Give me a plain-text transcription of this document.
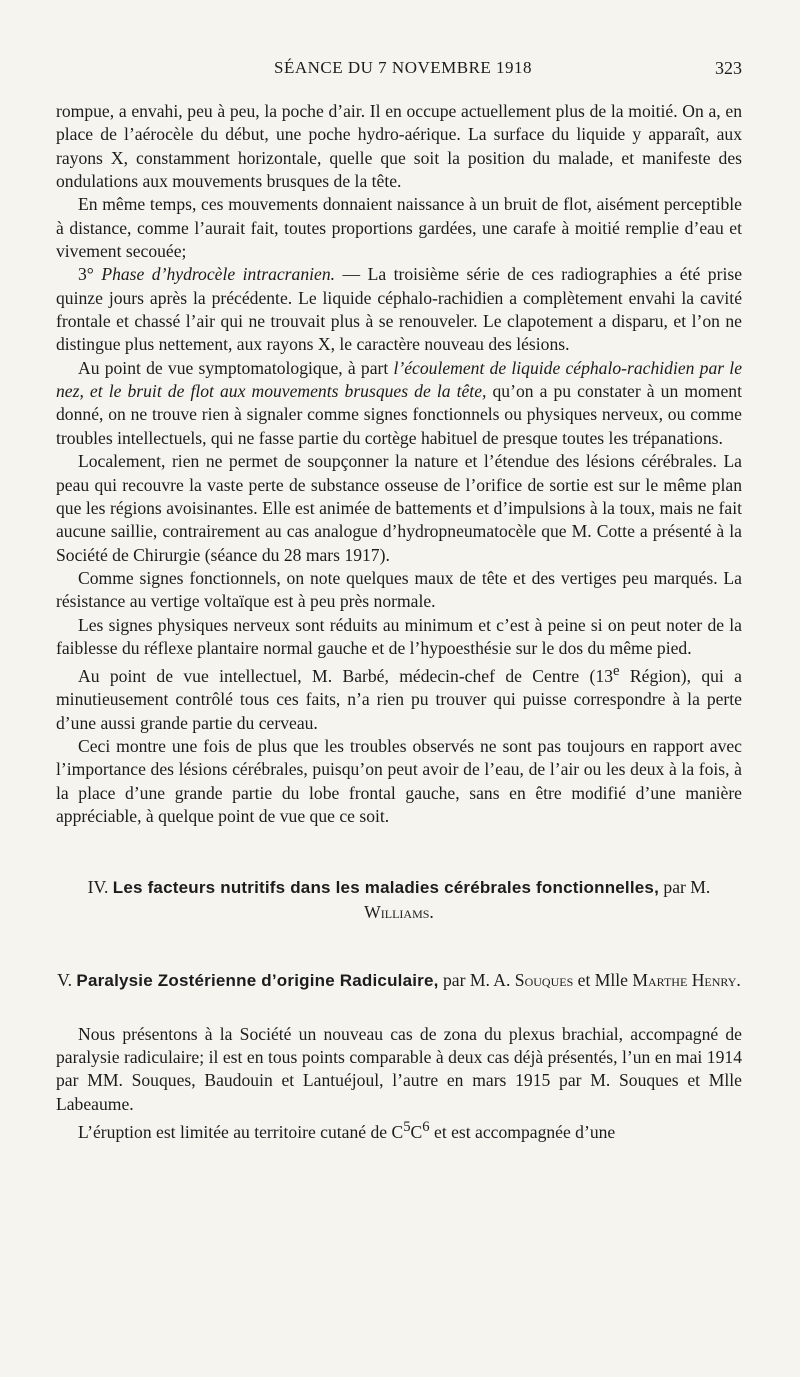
SÉANCE DU 7 NOVEMBRE 1918	323

rompue, a envahi, peu à peu, la poche d’air. Il en occupe actuellement plus de la moitié. On a, en place de l’aérocèle du début, une poche hydro-aérique. La surface du liquide y apparaît, aux rayons X, constamment horizontale, quelle que soit la position du malade, et manifeste des ondulations aux mouvements brusques de la tête.

En même temps, ces mouvements donnaient naissance à un bruit de flot, aisément perceptible à distance, comme l’aurait fait, toutes proportions gardées, une carafe à moitié remplie d’eau et vivement secouée;

3° Phase d’hydrocèle intracranien. — La troisième série de ces radiographies a été prise quinze jours après la précédente. Le liquide céphalo-rachidien a complètement envahi la cavité frontale et chassé l’air qui ne trouvait plus à se renouveler. Le clapotement a disparu, et l’on ne distingue plus nettement, aux rayons X, le caractère nouveau des lésions.

Au point de vue symptomatologique, à part l’écoulement de liquide céphalo-rachidien par le nez, et le bruit de flot aux mouvements brusques de la tête, qu’on a pu constater à un moment donné, on ne trouve rien à signaler comme signes fonctionnels ou physiques nerveux, ou comme troubles intellectuels, qui ne fasse partie du cortège habituel de presque toutes les trépanations.

Localement, rien ne permet de soupçonner la nature et l’étendue des lésions cérébrales. La peau qui recouvre la vaste perte de substance osseuse de l’orifice de sortie est sur le même plan que les régions avoisinantes. Elle est animée de battements et d’impulsions à la toux, mais ne fait aucune saillie, contrairement au cas analogue d’hydropneumatocèle que M. Cotte a présenté à la Société de Chirurgie (séance du 28 mars 1917).

Comme signes fonctionnels, on note quelques maux de tête et des vertiges peu marqués. La résistance au vertige voltaïque est à peu près normale.

Les signes physiques nerveux sont réduits au minimum et c’est à peine si on peut noter de la faiblesse du réflexe plantaire normal gauche et de l’hypoesthésie sur le dos du même pied.

Au point de vue intellectuel, M. Barbé, médecin-chef de Centre (13e Région), qui a minutieusement contrôlé tous ces faits, n’a rien pu trouver qui puisse correspondre à la perte d’une aussi grande partie du cerveau.

Ceci montre une fois de plus que les troubles observés ne sont pas toujours en rapport avec l’importance des lésions cérébrales, puisqu’on peut avoir de l’eau, de l’air ou les deux à la fois, à la place d’une grande partie du lobe frontal gauche, sans en être modifié d’une manière appréciable, à quelque point de vue que ce soit.

IV. Les facteurs nutritifs dans les maladies cérébrales fonctionnelles, par M. Williams.

V. Paralysie Zostérienne d’origine Radiculaire, par M. A. Souques et Mlle Marthe Henry.

Nous présentons à la Société un nouveau cas de zona du plexus brachial, accompagné de paralysie radiculaire; il est en tous points comparable à deux cas déjà présentés, l’un en mai 1914 par MM. Souques, Baudouin et Lantuéjoul, l’autre en mars 1915 par M. Souques et Mlle Labeaume.

L’éruption est limitée au territoire cutané de $C^5C^6$ et est accompagnée d’une
